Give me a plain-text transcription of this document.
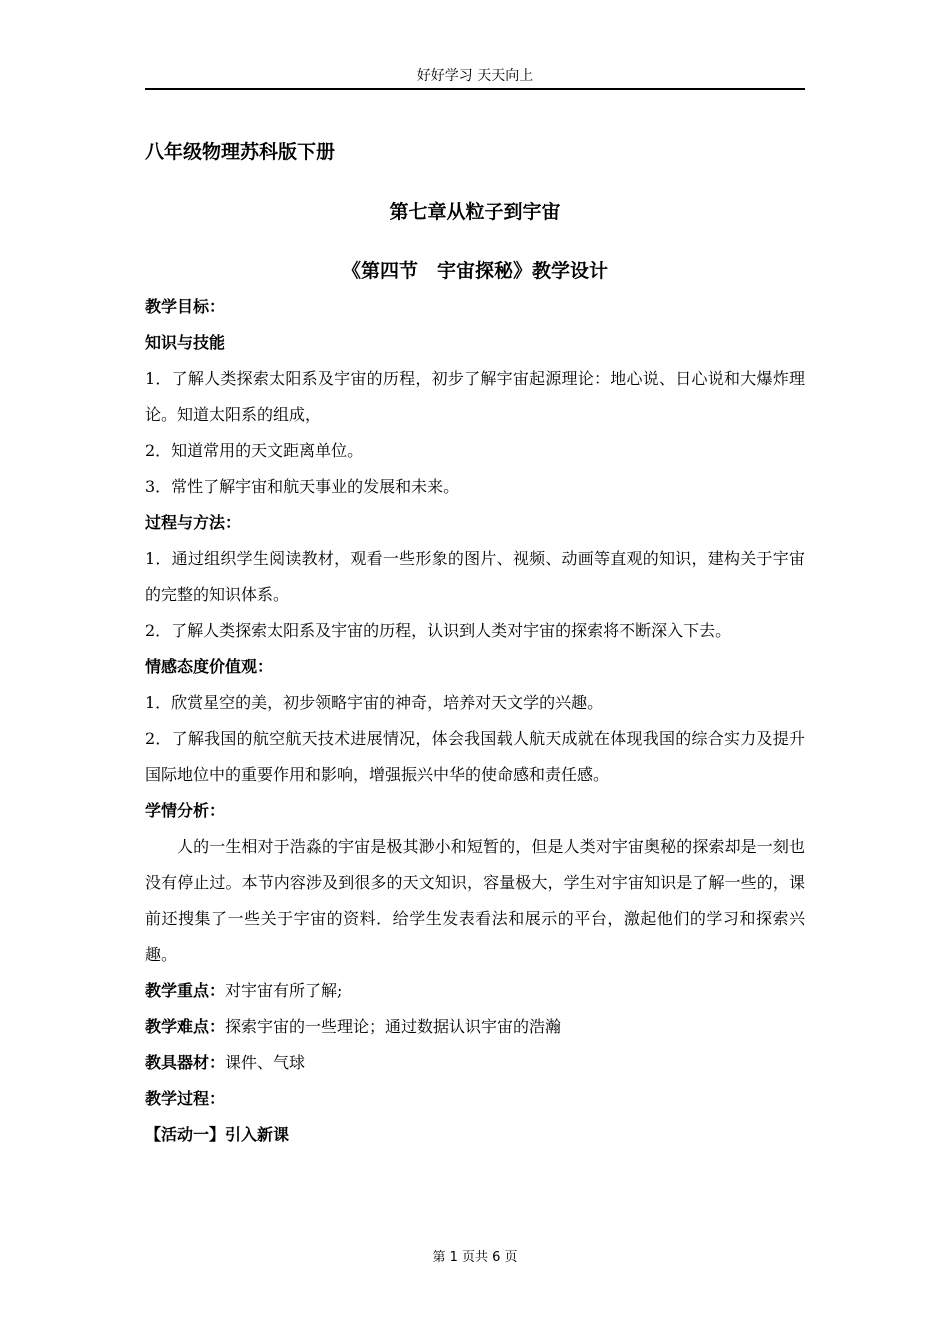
好好学习 天天向上

八年级物理苏科版下册

第七章从粒子到宇宙

《第四节　宇宙探秘》教学设计

教学目标：

知识与技能

1．了解人类探索太阳系及宇宙的历程，初步了解宇宙起源理论：地心说、日心说和大爆炸理论。知道太阳系的组成，

2．知道常用的天文距离单位。

3．常性了解宇宙和航天事业的发展和未来。

过程与方法：

1．通过组织学生阅读教材，观看一些形象的图片、视频、动画等直观的知识，建构关于宇宙的完整的知识体系。

2．了解人类探索太阳系及宇宙的历程，认识到人类对宇宙的探索将不断深入下去。

情感态度价值观：

1．欣赏星空的美，初步领略宇宙的神奇，培养对天文学的兴趣。

2．了解我国的航空航天技术进展情况，体会我国载人航天成就在体现我国的综合实力及提升国际地位中的重要作用和影响，增强振兴中华的使命感和责任感。

学情分析：

人的一生相对于浩淼的宇宙是极其渺小和短暂的，但是人类对宇宙奥秘的探索却是一刻也没有停止过。本节内容涉及到很多的天文知识，容量极大，学生对宇宙知识是了解一些的，课前还搜集了一些关于宇宙的资料．给学生发表看法和展示的平台，激起他们的学习和探索兴趣。

教学重点：对宇宙有所了解;

教学难点：探索宇宙的一些理论；通过数据认识宇宙的浩瀚

教具器材：课件、气球

教学过程：

【活动一】引入新课

第 1 页共 6 页
